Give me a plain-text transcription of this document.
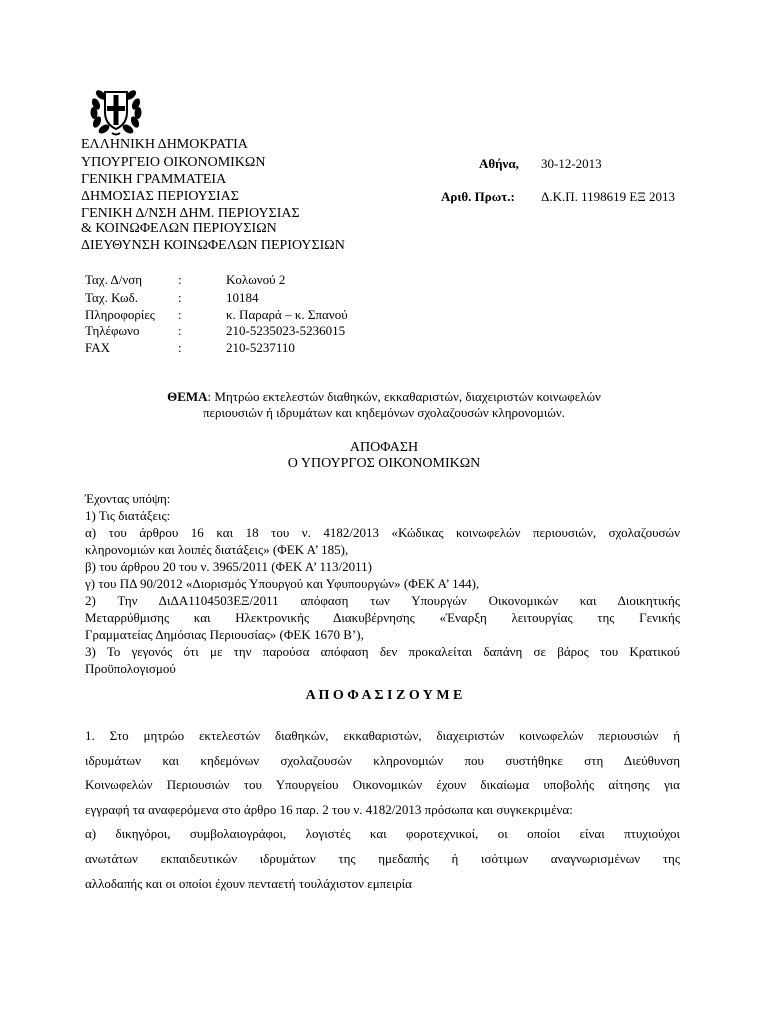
ΕΛΛΗΝΙΚΗ ΔΗΜΟΚΡΑΤΙΑ
ΥΠΟΥΡΓΕΙΟ ΟΙΚΟΝΟΜΙΚΩΝ
ΓΕΝΙΚΗ ΓΡΑΜΜΑΤΕΙΑ
ΔΗΜΟΣΙΑΣ ΠΕΡΙΟΥΣΙΑΣ
ΓΕΝΙΚΗ Δ/ΝΣΗ ΔΗΜ. ΠΕΡΙΟΥΣΙΑΣ
& ΚΟΙΝΩΦΕΛΩΝ ΠΕΡΙΟΥΣΙΩΝ
ΔΙΕΥΘΥΝΣΗ ΚΟΙΝΩΦΕΛΩΝ ΠΕΡΙΟΥΣΙΩΝ
Αθήνα, 30-12-2013
Αριθ. Πρωτ.: Δ.Κ.Π. 1198619 ΕΞ 2013
Ταχ. Δ/νση	:	Κολωνού 2
Ταχ. Κωδ.	:	10184
Πληροφορίες :	κ. Παραρά – κ. Σπανού
Τηλέφωνο	:	210-5235023-5236015
FAX	:	210-5237110
ΘΕΜΑ: Μητρώο εκτελεστών διαθηκών, εκκαθαριστών, διαχειριστών κοινωφελών
περιουσιών ή ιδρυμάτων και κηδεμόνων σχολαζουσών κληρονομιών.
ΑΠΟΦΑΣΗ
Ο ΥΠΟΥΡΓΟΣ ΟΙΚΟΝΟΜΙΚΩΝ
Έχοντας υπόψη:
1) Τις διατάξεις:
α) του άρθρου 16 και 18 του ν. 4182/2013 «Κώδικας κοινωφελών περιουσιών, σχολαζουσών
κληρονομιών και λοιπές διατάξεις» (ΦΕΚ Α’ 185),
β) του άρθρου 20 του ν. 3965/2011 (ΦΕΚ Α’ 113/2011)
γ) του ΠΔ 90/2012 «Διορισμός Υπουργού και Υφυπουργών» (ΦΕΚ Α’ 144),
2) Την ΔιΔΑ1104503ΕΞ/2011 απόφαση των Υπουργών Οικονομικών και Διοικητικής
Μεταρρύθμισης και Ηλεκτρονικής Διακυβέρνησης «Έναρξη λειτουργίας της Γενικής
Γραμματείας Δημόσιας Περιουσίας» (ΦΕΚ 1670 Β’),
3) Το γεγονός ότι με την παρούσα απόφαση δεν προκαλείται δαπάνη σε βάρος του Κρατικού
Προϋπολογισμού
Α Π Ο Φ Α Σ Ι Ζ Ο Υ Μ Ε
1. Στο μητρώο εκτελεστών διαθηκών, εκκαθαριστών, διαχειριστών κοινωφελών περιουσιών ή
ιδρυμάτων και κηδεμόνων σχολαζουσών κληρονομιών που συστήθηκε στη Διεύθυνση
Κοινωφελών Περιουσιών του Υπουργείου Οικονομικών έχουν δικαίωμα υποβολής αίτησης για
εγγραφή τα αναφερόμενα στο άρθρο 16 παρ. 2 του ν. 4182/2013 πρόσωπα και συγκεκριμένα:
α) δικηγόροι, συμβολαιογράφοι, λογιστές και φοροτεχνικοί, οι οποίοι είναι πτυχιούχοι
ανωτάτων εκπαιδευτικών ιδρυμάτων της ημεδαπής ή ισότιμων αναγνωρισμένων της
αλλοδαπής και οι οποίοι έχουν πενταετή τουλάχιστον εμπειρία
